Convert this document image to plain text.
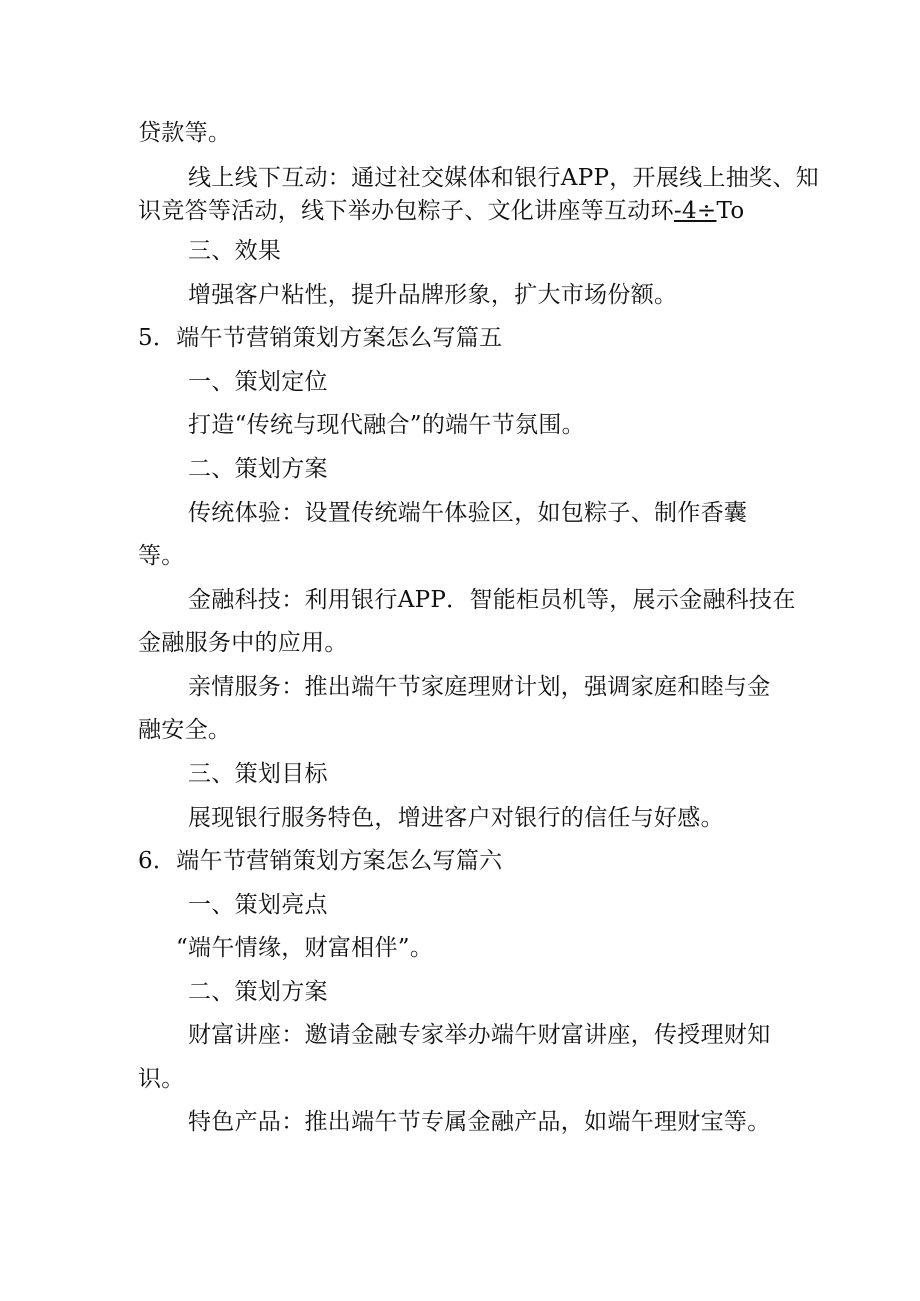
贷款等。
线上线下互动：通过社交媒体和银行APP，开展线上抽奖、知
识竞答等活动，线下举办包粽子、文化讲座等互动环-4÷To
三、效果
增强客户粘性，提升品牌形象，扩大市场份额。
5．端午节营销策划方案怎么写篇五
一、策划定位
打造“传统与现代融合”的端午节氛围。
二、策划方案
传统体验：设置传统端午体验区，如包粽子、制作香囊
等。
金融科技：利用银行APP．智能柜员机等，展示金融科技在
金融服务中的应用。
亲情服务：推出端午节家庭理财计划，强调家庭和睦与金
融安全。
三、策划目标
展现银行服务特色，增进客户对银行的信任与好感。
6．端午节营销策划方案怎么写篇六
一、策划亮点
“端午情缘，财富相伴”。
二、策划方案
财富讲座：邀请金融专家举办端午财富讲座，传授理财知
识。
特色产品：推出端午节专属金融产品，如端午理财宝等。
